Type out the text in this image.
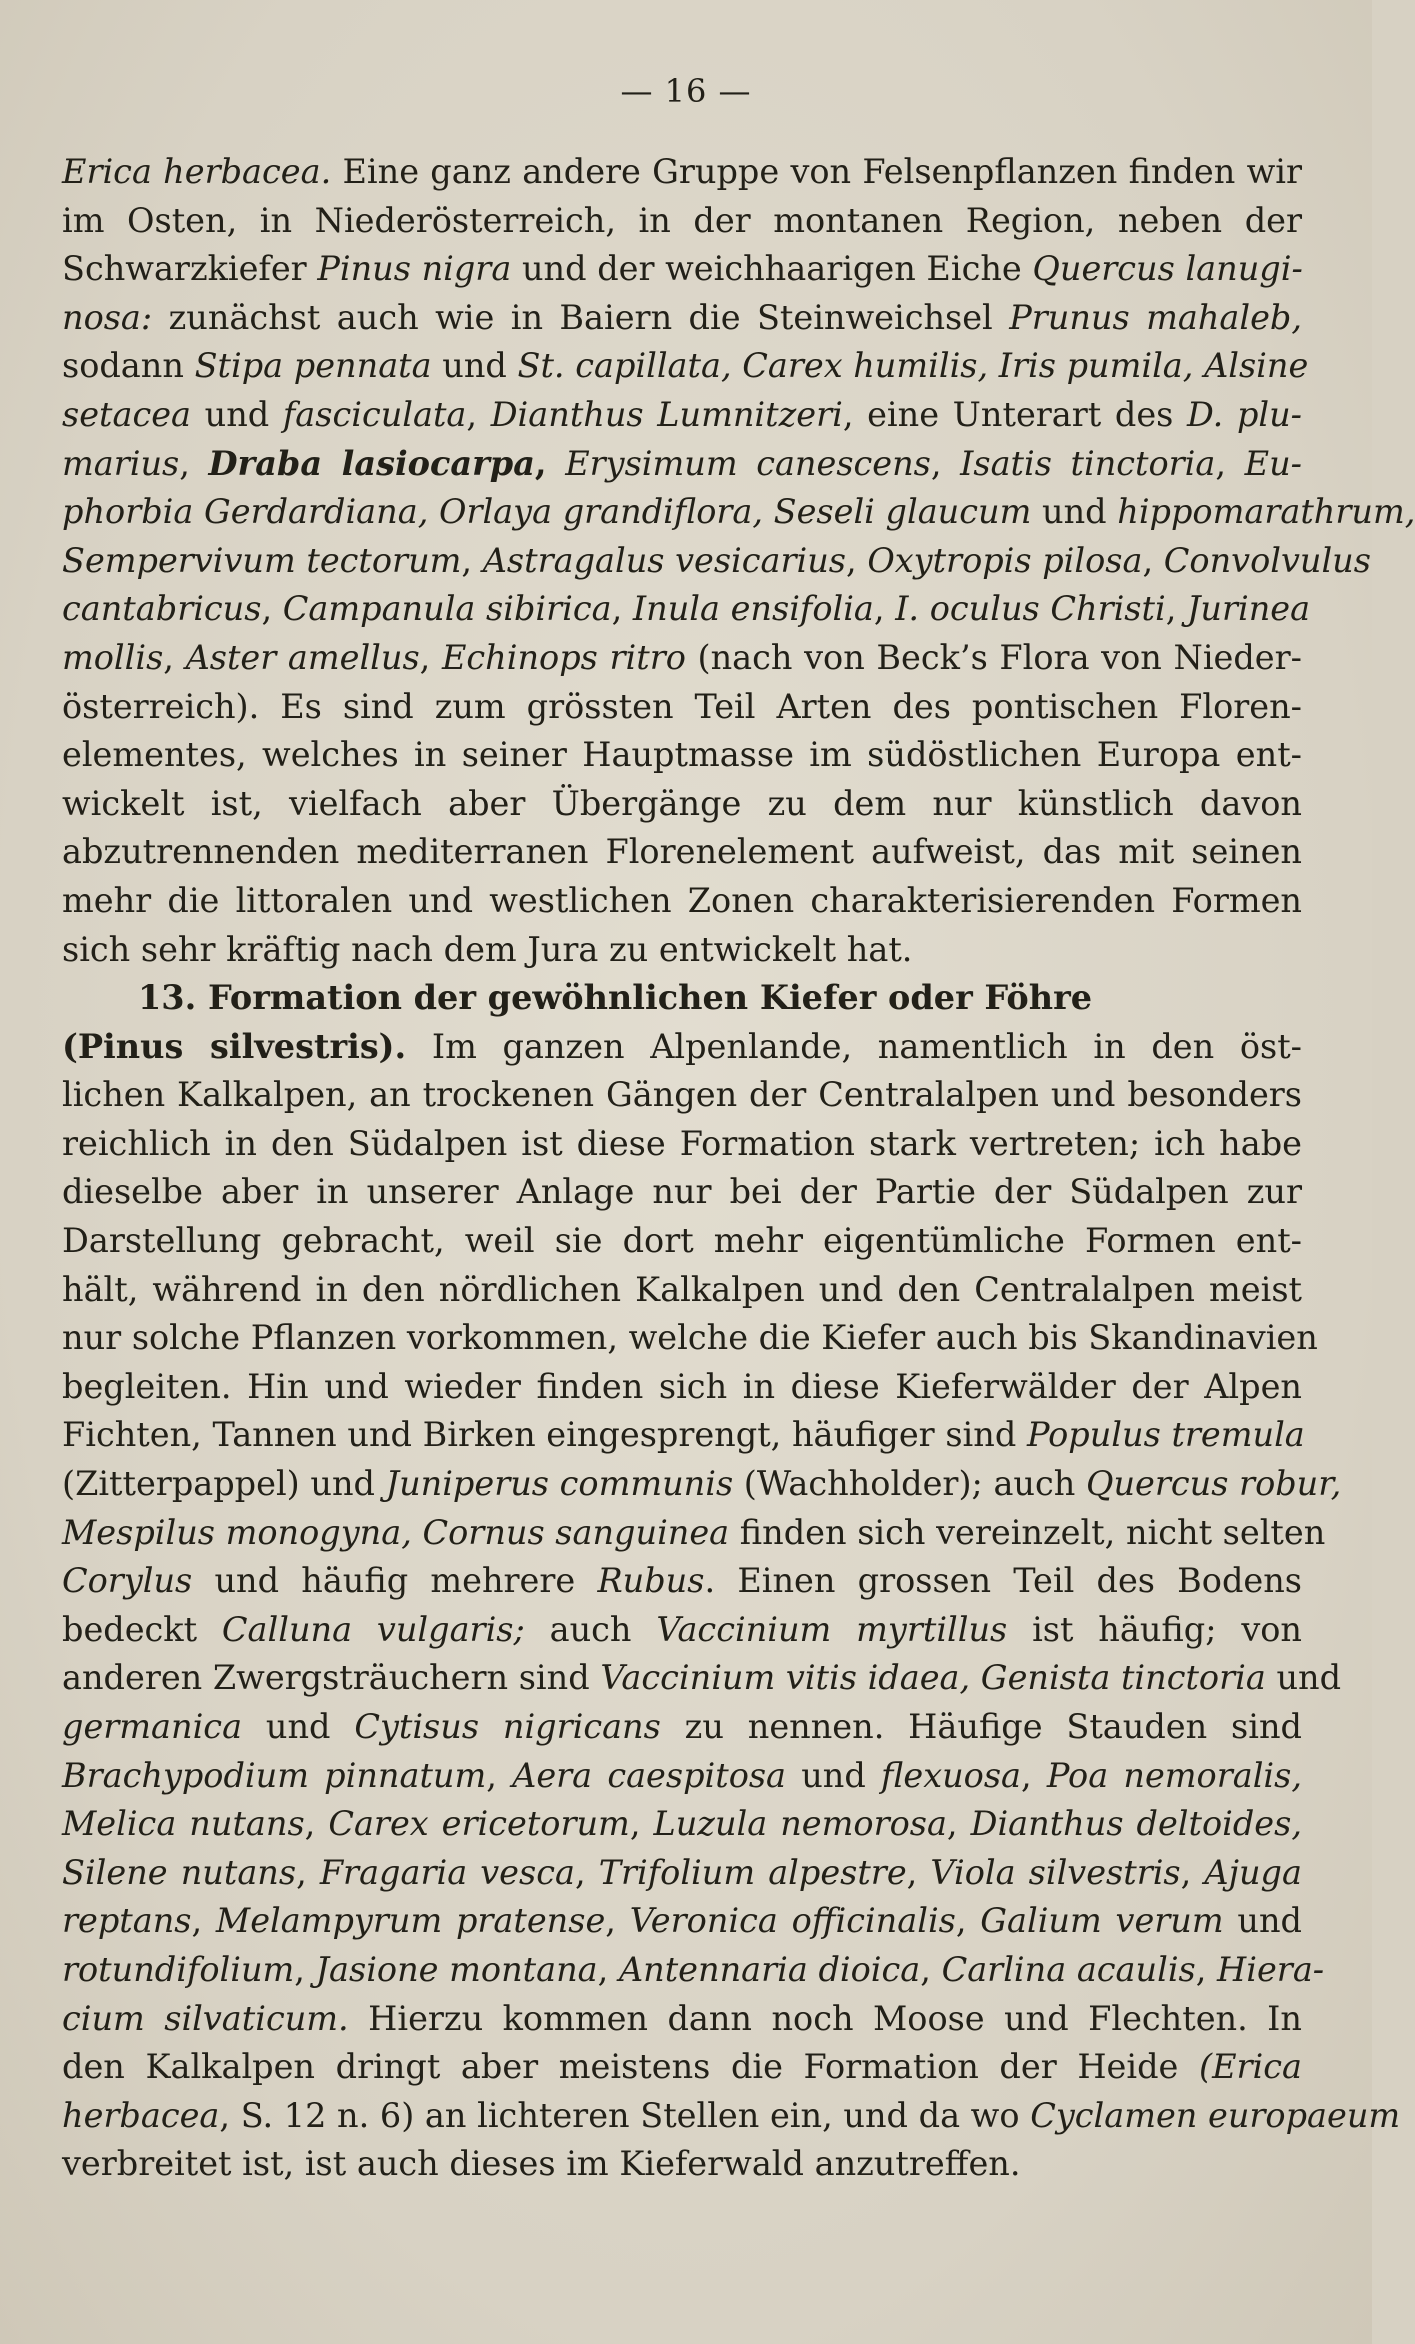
— 16 —
Erica herbacea. Eine ganz andere Gruppe von Felsenpflanzen finden wir
im Osten, in Niederösterreich, in der montanen Region, neben der
Schwarzkiefer Pinus nigra und der weichhaarigen Eiche Quercus lanugi-
nosa: zunächst auch wie in Baiern die Steinweichsel Prunus mahaleb,
sodann Stipa pennata und St. capillata, Carex humilis, Iris pumila, Alsine
setacea und fasciculata, Dianthus Lumnitzeri, eine Unterart des D. plu-
marius, Draba lasiocarpa, Erysimum canescens, Isatis tinctoria, Eu-
phorbia Gerdardiana, Orlaya grandiflora, Seseli glaucum und hippomarathrum,
Sempervivum tectorum, Astragalus vesicarius, Oxytropis pilosa, Convolvulus
cantabricus, Campanula sibirica, Inula ensifolia, I. oculus Christi, Jurinea
mollis, Aster amellus, Echinops ritro (nach von Beck’s Flora von Nieder-
österreich). Es sind zum grössten Teil Arten des pontischen Floren-
elementes, welches in seiner Hauptmasse im südöstlichen Europa ent-
wickelt ist, vielfach aber Übergänge zu dem nur künstlich davon
abzutrennenden mediterranen Florenelement aufweist, das mit seinen
mehr die littoralen und westlichen Zonen charakterisierenden Formen
sich sehr kräftig nach dem Jura zu entwickelt hat.
13. Formation der gewöhnlichen Kiefer oder Föhre
(Pinus silvestris). Im ganzen Alpenlande, namentlich in den öst-
lichen Kalkalpen, an trockenen Gängen der Centralalpen und besonders
reichlich in den Südalpen ist diese Formation stark vertreten; ich habe
dieselbe aber in unserer Anlage nur bei der Partie der Südalpen zur
Darstellung gebracht, weil sie dort mehr eigentümliche Formen ent-
hält, während in den nördlichen Kalkalpen und den Centralalpen meist
nur solche Pflanzen vorkommen, welche die Kiefer auch bis Skandinavien
begleiten. Hin und wieder finden sich in diese Kieferwälder der Alpen
Fichten, Tannen und Birken eingesprengt, häufiger sind Populus tremula
(Zitterpappel) und Juniperus communis (Wachholder); auch Quercus robur,
Mespilus monogyna, Cornus sanguinea finden sich vereinzelt, nicht selten
Corylus und häufig mehrere Rubus. Einen grossen Teil des Bodens
bedeckt Calluna vulgaris; auch Vaccinium myrtillus ist häufig; von
anderen Zwergsträuchern sind Vaccinium vitis idaea, Genista tinctoria und
germanica und Cytisus nigricans zu nennen. Häufige Stauden sind
Brachypodium pinnatum, Aera caespitosa und flexuosa, Poa nemoralis,
Melica nutans, Carex ericetorum, Luzula nemorosa, Dianthus deltoides,
Silene nutans, Fragaria vesca, Trifolium alpestre, Viola silvestris, Ajuga
reptans, Melampyrum pratense, Veronica officinalis, Galium verum und
rotundifolium, Jasione montana, Antennaria dioica, Carlina acaulis, Hiera-
cium silvaticum. Hierzu kommen dann noch Moose und Flechten. In
den Kalkalpen dringt aber meistens die Formation der Heide (Erica
herbacea, S. 12 n. 6) an lichteren Stellen ein, und da wo Cyclamen europaeum
verbreitet ist, ist auch dieses im Kieferwald anzutreffen.
